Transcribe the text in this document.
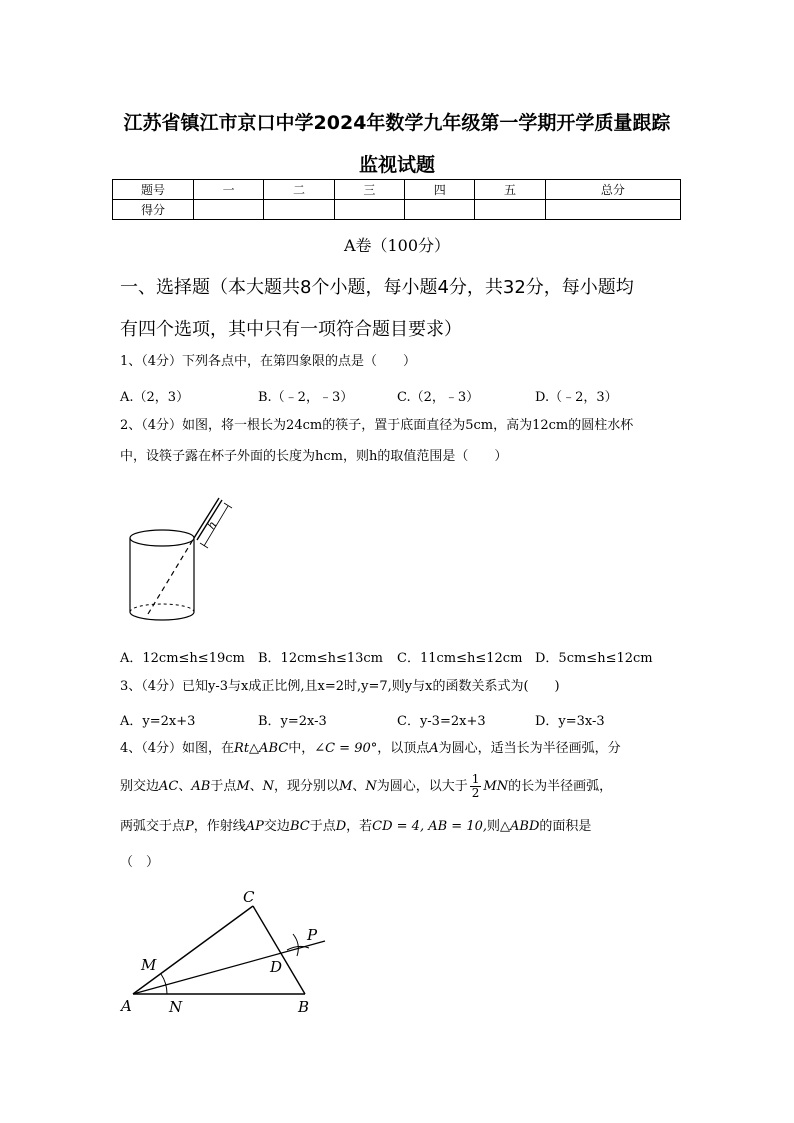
江苏省镇江市京口中学2024年数学九年级第一学期开学质量跟踪
监视试题
题号	一	二	三	四	五	总分
得分						
A卷（100分）
一、选择题（本大题共8个小题，每小题4分，共32分，每小题均
有四个选项，其中只有一项符合题目要求）
1、（4分）下列各点中，在第四象限的点是（　　）
A.（2，3）	B.（﹣2，﹣3）	C.（2，﹣3）	D.（﹣2，3）
2、（4分）如图，将一根长为24cm的筷子，置于底面直径为5cm，高为12cm的圆柱水杯
中，设筷子露在杯子外面的长度为hcm，则h的取值范围是（　　）
h
A．12cm≤h≤19cm B．12cm≤h≤13cm C．11cm≤h≤12cm D．5cm≤h≤12cm
3、（4分）已知y-3与x成正比例,且x=2时,y=7,则y与x的函数关系式为(　　)
A．y=2x+3	B．y=2x-3	C．y-3=2x+3	D．y=3x-3
4、（4分）如图，在Rt△ABC中，∠C = 90°，以顶点A为圆心，适当长为半径画弧，分
别交边AC、AB于点M、N，现分别以M、N为圆心，以大于 $\frac{1}{2}$ MN的长为半径画弧，
两弧交于点P，作射线AP交边BC于点D，若CD = 4, AB = 10,则△ABD的面积是
（　）
C
P
D
M
A N	B
